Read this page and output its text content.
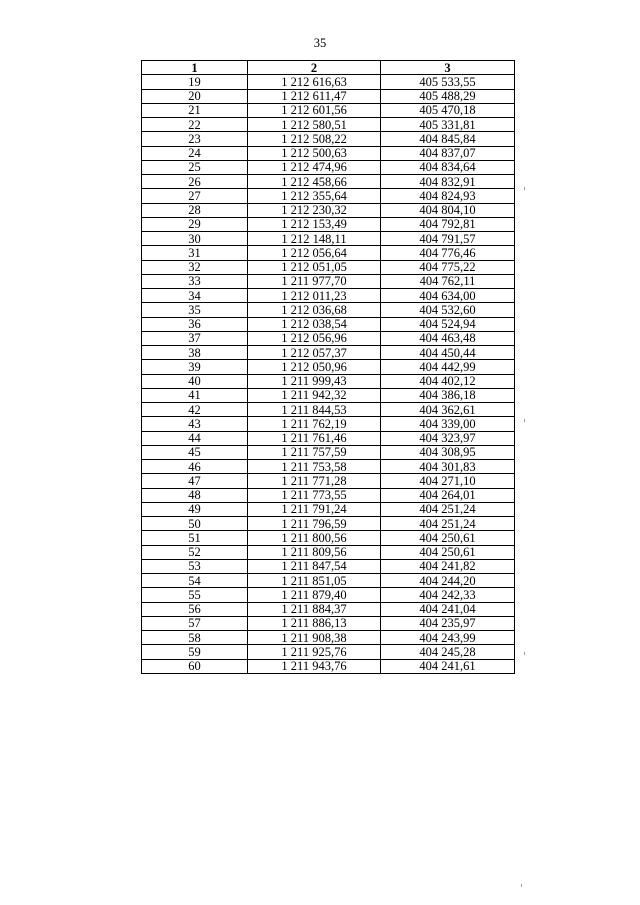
35
1	2	3
19	1 212 616,63	405 533,55
20	1 212 611,47	405 488,29
21	1 212 601,56	405 470,18
22	1 212 580,51	405 331,81
23	1 212 508,22	404 845,84
24	1 212 500,63	404 837,07
25	1 212 474,96	404 834,64
26	1 212 458,66	404 832,91
27	1 212 355,64	404 824,93
28	1 212 230,32	404 804,10
29	1 212 153,49	404 792,81
30	1 212 148,11	404 791,57
31	1 212 056,64	404 776,46
32	1 212 051,05	404 775,22
33	1 211 977,70	404 762,11
34	1 212 011,23	404 634,00
35	1 212 036,68	404 532,60
36	1 212 038,54	404 524,94
37	1 212 056,96	404 463,48
38	1 212 057,37	404 450,44
39	1 212 050,96	404 442,99
40	1 211 999,43	404 402,12
41	1 211 942,32	404 386,18
42	1 211 844,53	404 362,61
43	1 211 762,19	404 339,00
44	1 211 761,46	404 323,97
45	1 211 757,59	404 308,95
46	1 211 753,58	404 301,83
47	1 211 771,28	404 271,10
48	1 211 773,55	404 264,01
49	1 211 791,24	404 251,24
50	1 211 796,59	404 251,24
51	1 211 800,56	404 250,61
52	1 211 809,56	404 250,61
53	1 211 847,54	404 241,82
54	1 211 851,05	404 244,20
55	1 211 879,40	404 242,33
56	1 211 884,37	404 241,04
57	1 211 886,13	404 235,97
58	1 211 908,38	404 243,99
59	1 211 925,76	404 245,28
60	1 211 943,76	404 241,61
